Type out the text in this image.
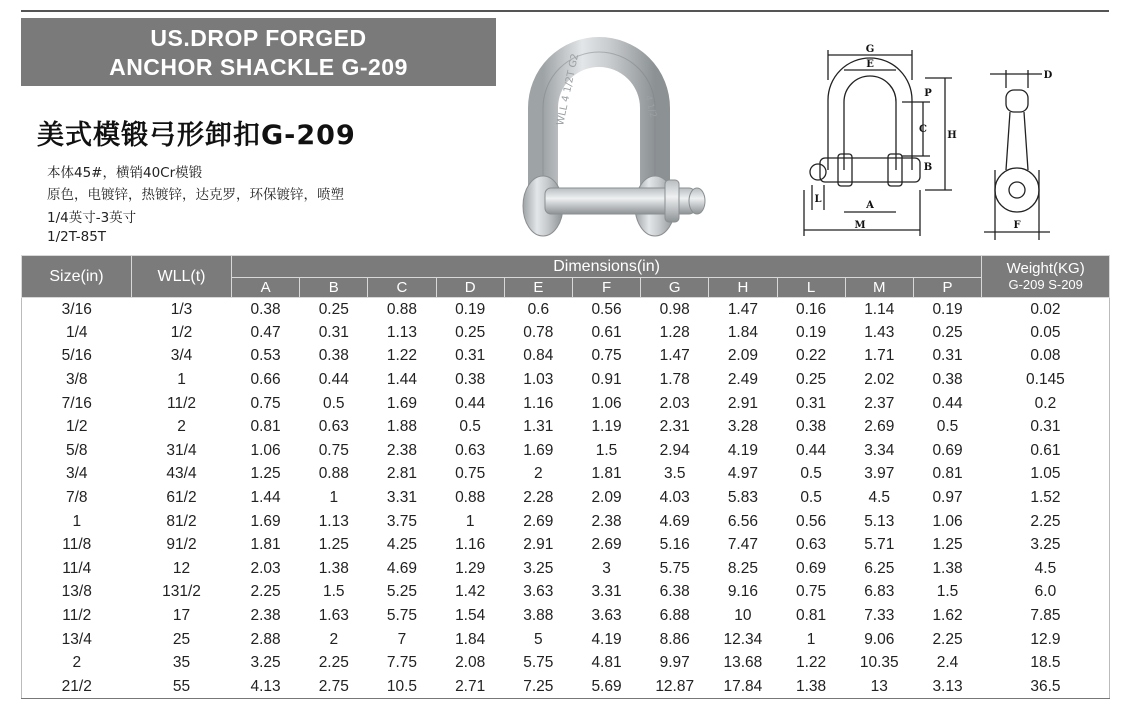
US.DROP FORGED
ANCHOR SHACKLE G-209
美式模锻弓形卸扣G-209
本体45#，横销40Cr模锻
原色，电镀锌，热镀锌，达克罗，环保镀锌，喷塑
1/4英寸-3英寸
1/2T-85T
WLL 4 1/2T G2	4 1/2
G
E
P
C
H
B
A
M
L
D
F
Size(in)	WLL(t)	Dimensions(in)											Weight(KG)
G-209 S-209

		A	B	C	D	E	F	G	H	L	M	P	
3/16	1/3	0.38	0.25	0.88	0.19	0.6	0.56	0.98	1.47	0.16	1.14	0.19	0.02
1/4	1/2	0.47	0.31	1.13	0.25	0.78	0.61	1.28	1.84	0.19	1.43	0.25	0.05
5/16	3/4	0.53	0.38	1.22	0.31	0.84	0.75	1.47	2.09	0.22	1.71	0.31	0.08
3/8	1	0.66	0.44	1.44	0.38	1.03	0.91	1.78	2.49	0.25	2.02	0.38	0.145
7/16	11/2	0.75	0.5	1.69	0.44	1.16	1.06	2.03	2.91	0.31	2.37	0.44	0.2
1/2	2	0.81	0.63	1.88	0.5	1.31	1.19	2.31	3.28	0.38	2.69	0.5	0.31
5/8	31/4	1.06	0.75	2.38	0.63	1.69	1.5	2.94	4.19	0.44	3.34	0.69	0.61
3/4	43/4	1.25	0.88	2.81	0.75	2	1.81	3.5	4.97	0.5	3.97	0.81	1.05
7/8	61/2	1.44	1	3.31	0.88	2.28	2.09	4.03	5.83	0.5	4.5	0.97	1.52
1	81/2	1.69	1.13	3.75	1	2.69	2.38	4.69	6.56	0.56	5.13	1.06	2.25
11/8	91/2	1.81	1.25	4.25	1.16	2.91	2.69	5.16	7.47	0.63	5.71	1.25	3.25
11/4	12	2.03	1.38	4.69	1.29	3.25	3	5.75	8.25	0.69	6.25	1.38	4.5
13/8	131/2	2.25	1.5	5.25	1.42	3.63	3.31	6.38	9.16	0.75	6.83	1.5	6.0
11/2	17	2.38	1.63	5.75	1.54	3.88	3.63	6.88	10	0.81	7.33	1.62	7.85
13/4	25	2.88	2	7	1.84	5	4.19	8.86	12.34	1	9.06	2.25	12.9
2	35	3.25	2.25	7.75	2.08	5.75	4.81	9.97	13.68	1.22	10.35	2.4	18.5
21/2	55	4.13	2.75	10.5	2.71	7.25	5.69	12.87	17.84	1.38	13	3.13	36.5
